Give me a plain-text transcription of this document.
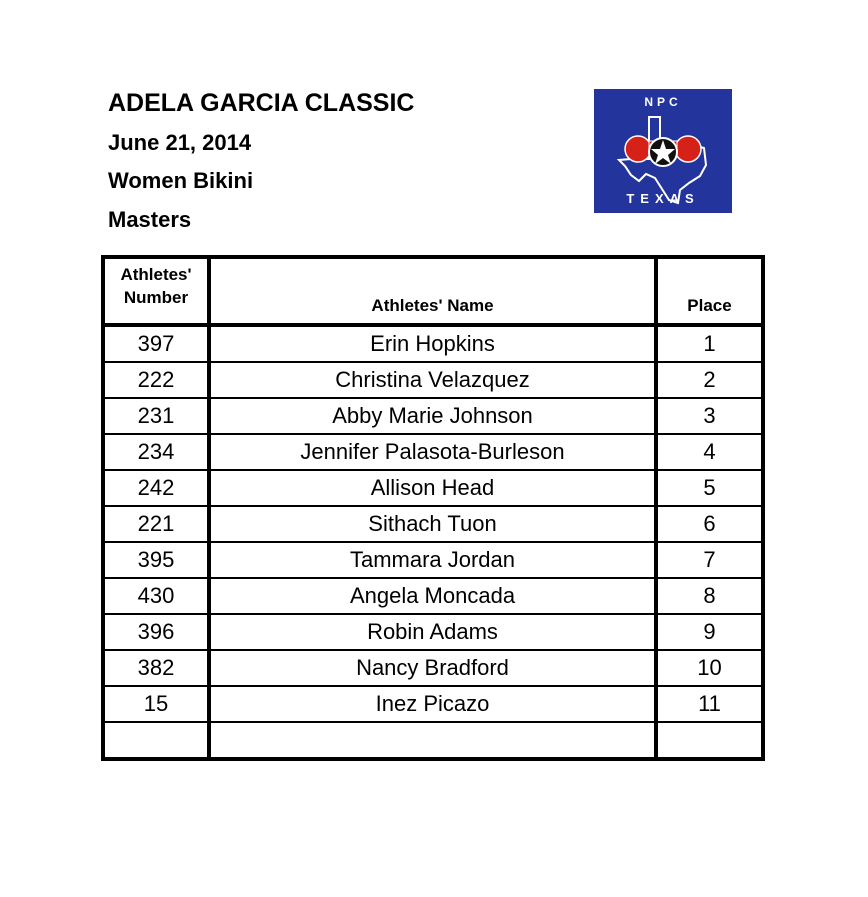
ADELA GARCIA CLASSIC
June 21, 2014
Women Bikini
Masters
NPC
TEXAS
Athletes'
Number	Athletes' Name	Place
397	Erin Hopkins	1
222	Christina Velazquez	2
231	Abby Marie Johnson	3
234	Jennifer Palasota-Burleson	4
242	Allison Head	5
221	Sithach Tuon	6
395	Tammara Jordan	7
430	Angela Moncada	8
396	Robin Adams	9
382	Nancy Bradford	10
15	Inez Picazo	11
